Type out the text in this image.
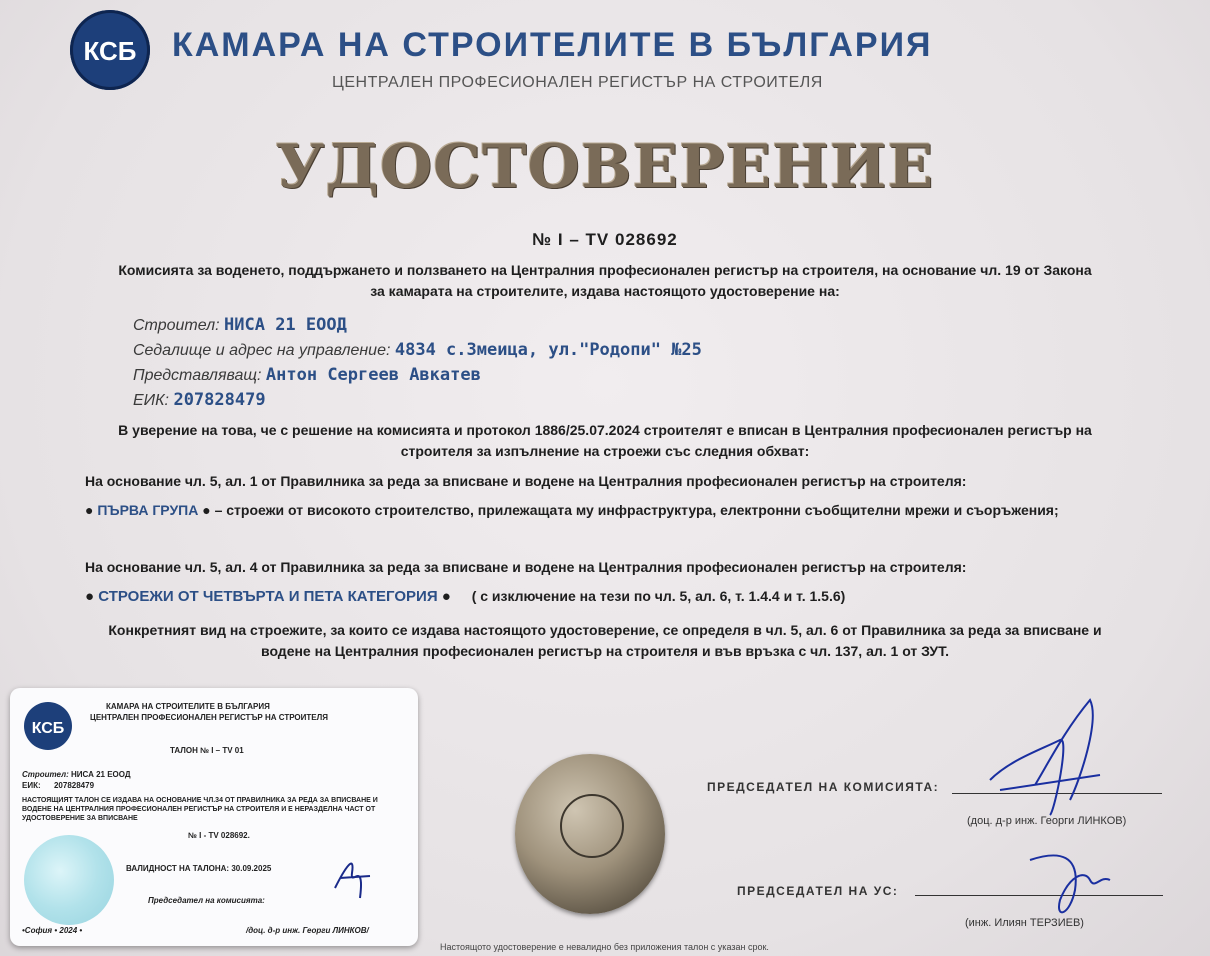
КСБ КАМАРА НА СТРОИТЕЛИТЕ В БЪЛГАРИЯ
ЦЕНТРАЛЕН ПРОФЕСИОНАЛЕН РЕГИСТЪР НА СТРОИТЕЛЯ
УДОСТОВЕРЕНИЕ
№ I – TV 028692
Комисията за воденето, поддържането и ползването на Централния професионален регистър на строителя, на основание чл. 19 от Закона за камарата на строителите, издава настоящото удостоверение на:
Строител: НИСА 21 ЕООД
Седалище и адрес на управление: 4834 с.Змеица, ул."Родопи" №25
Представляващ: Антон Сергеев Авкатев
ЕИК: 207828479
В уверение на това, че с решение на комисията и протокол 1886/25.07.2024 строителят е вписан в Централния професионален регистър на строителя за изпълнение на строежи със следния обхват:
На основание чл. 5, ал. 1 от Правилника за реда за вписване и водене на Централния професионален регистър на строителя:
● ПЪРВА ГРУПА ● – строежи от високото строителство, прилежащата му инфраструктура, електронни съобщителни мрежи и съоръжения;
На основание чл. 5, ал. 4 от Правилника за реда за вписване и водене на Централния професионален регистър на строителя:
● СТРОЕЖИ ОТ ЧЕТВЪРТА И ПЕТА КАТЕГОРИЯ ● ( с изключение на тези по чл. 5, ал. 6, т. 1.4.4 и т. 1.5.6)
Конкретният вид на строежите, за които се издава настоящото удостоверение, се определя в чл. 5, ал. 6 от Правилника за реда за вписване и водене на Централния професионален регистър на строителя и във връзка с чл. 137, ал. 1 от ЗУТ.
КСБ
КАМАРА НА СТРОИТЕЛИТЕ В БЪЛГАРИЯ
ЦЕНТРАЛЕН ПРОФЕСИОНАЛЕН РЕГИСТЪР НА СТРОИТЕЛЯ
ТАЛОН № I – TV 01
Строител: НИСА 21 ЕООД
ЕИК: 207828479
НАСТОЯЩИЯТ ТАЛОН СЕ ИЗДАВА НА ОСНОВАНИЕ ЧЛ.34 ОТ ПРАВИЛНИКА ЗА РЕДА ЗА ВПИСВАНЕ И ВОДЕНЕ НА ЦЕНТРАЛНИЯ ПРОФЕСИОНАЛЕН РЕГИСТЪР НА СТРОИТЕЛЯ И Е НЕРАЗДЕЛНА ЧАСТ ОТ УДОСТОВЕРЕНИЕ ЗА ВПИСВАНЕ
№ I - TV 028692.
ВАЛИДНОСТ НА ТАЛОНА: 30.09.2025
Председател на комисията:
•София • 2024 •	/доц. д-р инж. Георги ЛИНКОВ/
ПРЕДСЕДАТЕЛ НА КОМИСИЯТА:
(доц. д-р инж. Георги ЛИНКОВ)
ПРЕДСЕДАТЕЛ НА УС:
(инж. Илиян ТЕРЗИЕВ)
Настоящото удостоверение е невалидно без приложения талон с указан срок.
